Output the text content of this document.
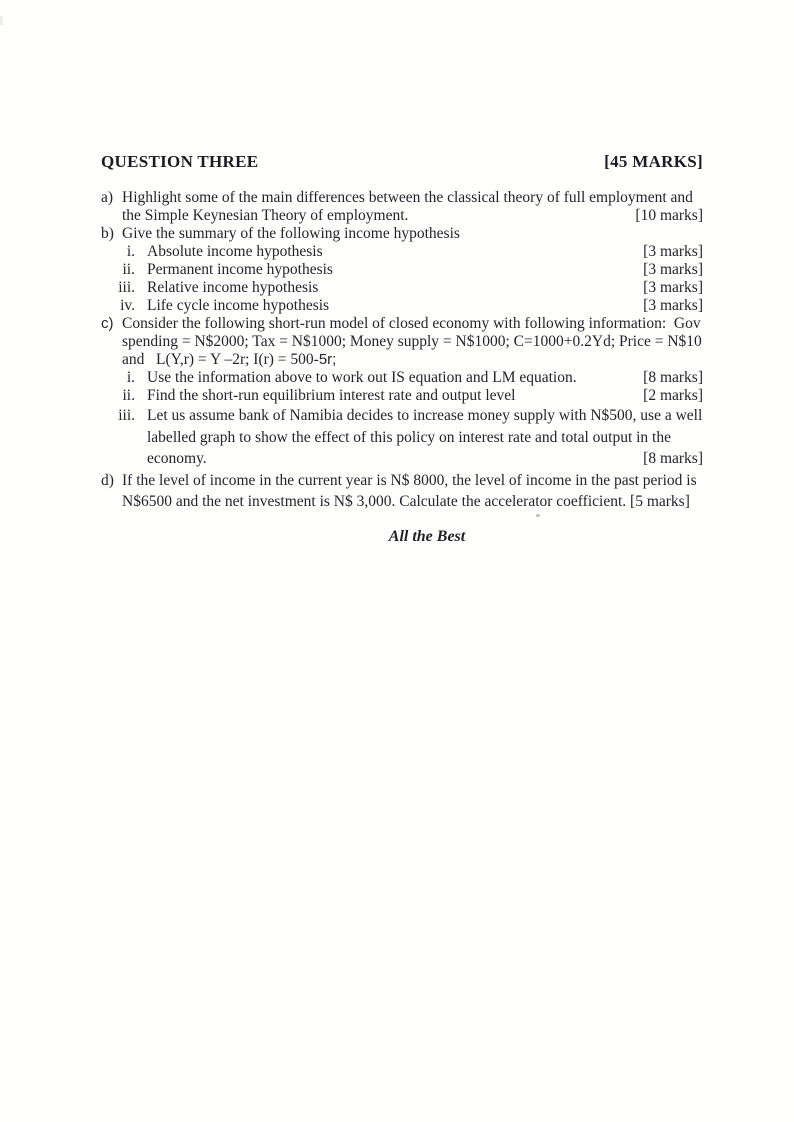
QUESTION THREE	[45 MARKS]
a) Highlight some of the main differences between the classical theory of full employment and
the Simple Keynesian Theory of employment.	[10 marks]
b) Give the summary of the following income hypothesis
i. Absolute income hypothesis	[3 marks]
ii. Permanent income hypothesis	[3 marks]
iii. Relative income hypothesis	[3 marks]
iv. Life cycle income hypothesis	[3 marks]
c) Consider the following short-run model of closed economy with following information:  Gov
spending = N$2000; Tax = N$1000; Money supply = N$1000; C=1000+0.2Yd; Price = N$10
and   L(Y,r) = Y –2r; I(r) = 500- 5r;
i. Use the information above to work out IS equation and LM equation.	[8 marks]
ii. Find the short-run equilibrium interest rate and output level	[2 marks]
iii. Let us assume bank of Namibia decides to increase money supply with N$500, use a well
labelled graph to show the effect of this policy on interest rate and total output in the
economy.	[8 marks]
d) If the level of income in the current year is N$ 8000, the level of income in the past period is
N$6500 and the net investment is N$ 3,000. Calculate the accelerator coefficient. [5 marks]
All the Best
